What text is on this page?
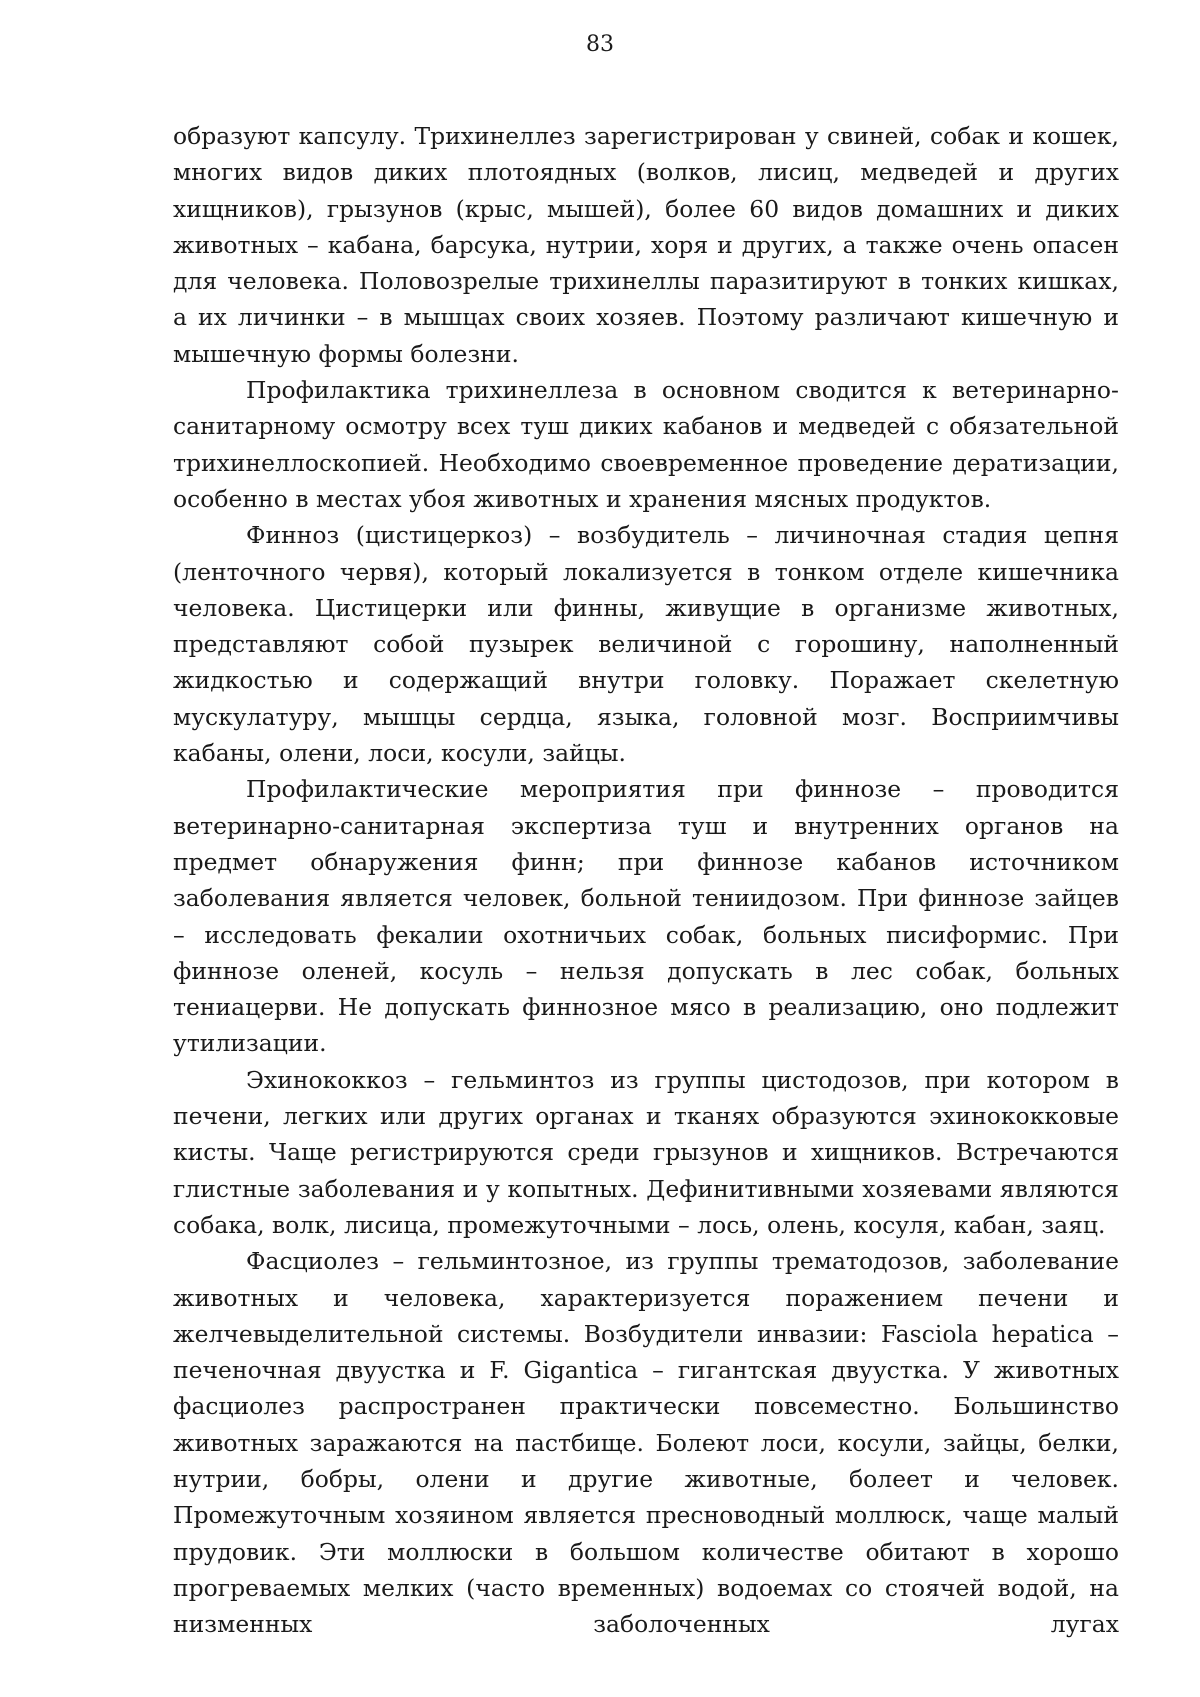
83

образуют капсулу. Трихинеллез зарегистрирован у свиней, собак и кошек, многих видов диких плотоядных (волков, лисиц, медведей и других хищников), грызунов (крыс, мышей), более 60 видов домашних и диких животных – кабана, барсука, нутрии, хоря и других, а также очень опасен для человека. Половозрелые трихинеллы паразитируют в тонких кишках, а их личинки – в мышцах своих хозяев. Поэтому различают кишечную и мышечную формы болезни.

Профилактика трихинеллеза в основном сводится к ветеринарно-санитарному осмотру всех туш диких кабанов и медведей с обязательной трихинеллоскопией. Необходимо своевременное проведение дератизации, особенно в местах убоя животных и хранения мясных продуктов.

Финноз (цистицеркоз) – возбудитель – личиночная стадия цепня (ленточного червя), который локализуется в тонком отделе кишечника человека. Цистицерки или финны, живущие в организме животных, представляют собой пузырек величиной с горошину, наполненный жидкостью и содержащий внутри головку. Поражает скелетную мускулатуру, мышцы сердца, языка, головной мозг. Восприимчивы кабаны, олени, лоси, косули, зайцы.

Профилактические мероприятия при финнозе – проводится ветеринарно-санитарная экспертиза туш и внутренних органов на предмет обнаружения финн; при финнозе кабанов источником заболевания является человек, больной тениидозом. При финнозе зайцев – исследовать фекалии охотничьих собак, больных писиформис. При финнозе оленей, косуль – нельзя допускать в лес собак, больных тениацерви. Не допускать финнозное мясо в реализацию, оно подлежит утилизации.

Эхинококкоз – гельминтоз из группы цистодозов, при котором в печени, легких или других органах и тканях образуются эхинококковые кисты. Чаще регистрируются среди грызунов и хищников. Встречаются глистные заболевания и у копытных. Дефинитивными хозяевами являются собака, волк, лисица, промежуточными – лось, олень, косуля, кабан, заяц.

Фасциолез – гельминтозное, из группы трематодозов, заболевание животных и человека, характеризуется поражением печени и желчевыделительной системы. Возбудители инвазии: Fasciola hepatica – печеночная двуустка и F. Gigantica – гигантская двуустка. У животных фасциолез распространен практически повсеместно. Большинство животных заражаются на пастбище. Болеют лоси, косули, зайцы, белки, нутрии, бобры, олени и другие животные, болеет и человек. Промежуточным хозяином является пресноводный моллюск, чаще малый прудовик. Эти моллюски в большом количестве обитают в хорошо прогреваемых мелких (часто временных) водоемах со стоячей водой, на низменных заболоченных лугах
